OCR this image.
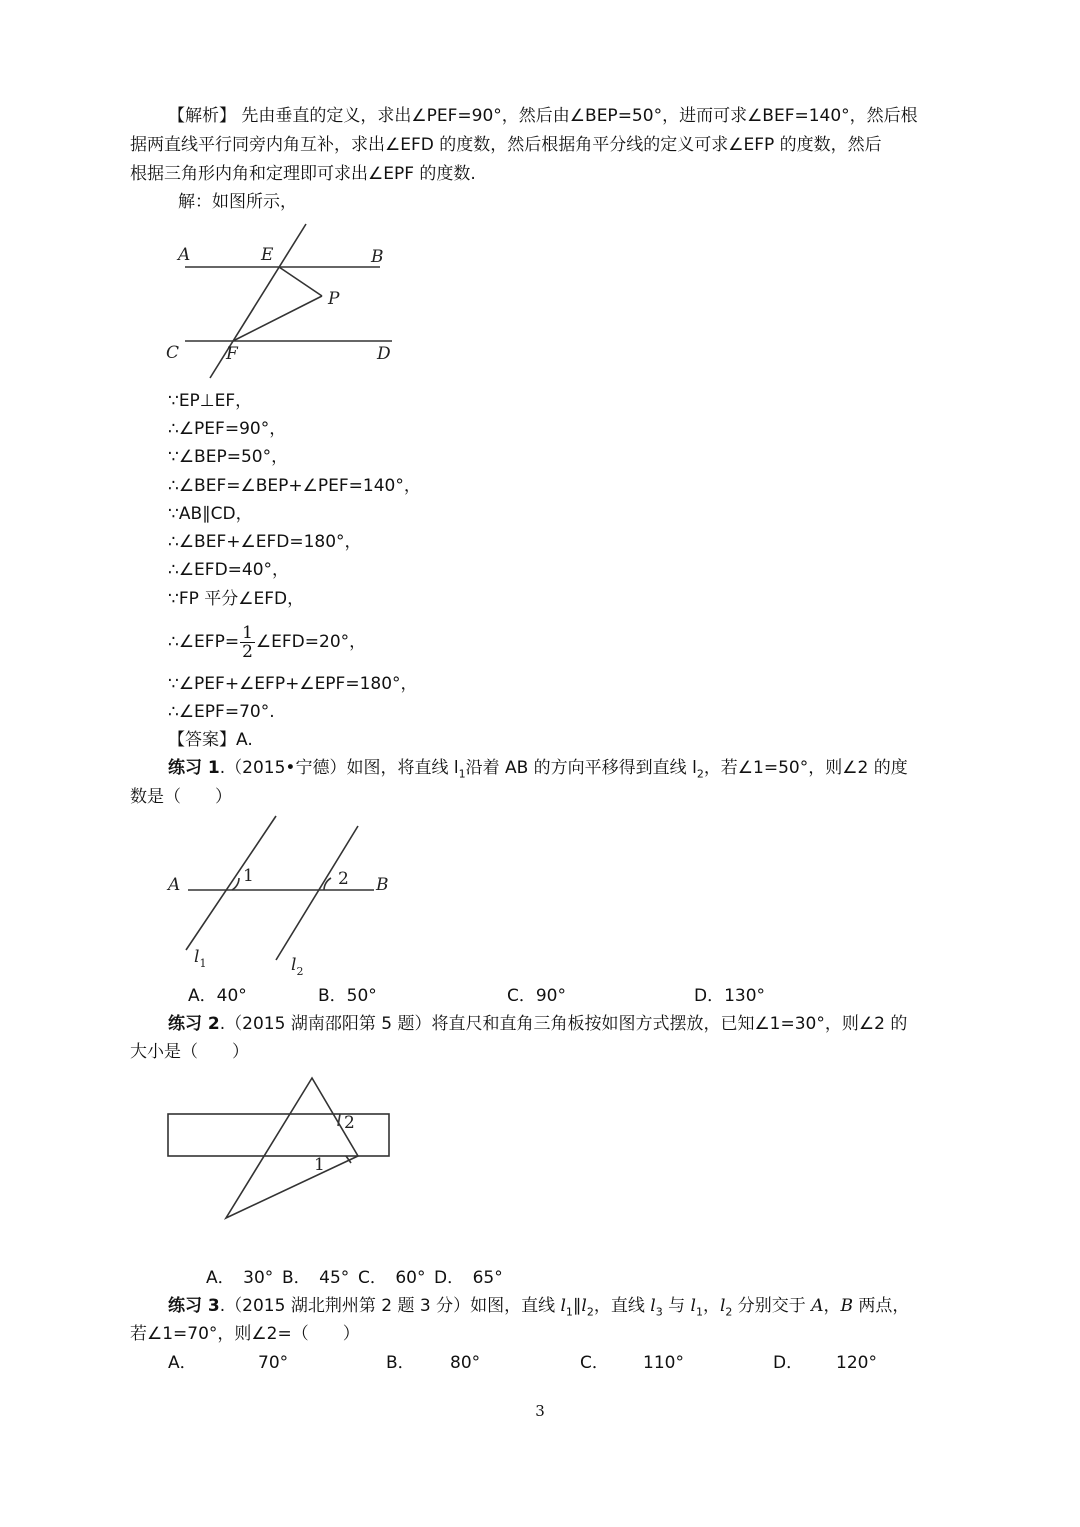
【解析】 先由垂直的定义，求出∠PEF=90°，然后由∠BEP=50°，进而可求∠BEF=140°，然后根
据两直线平行同旁内角互补，求出∠EFD 的度数，然后根据角平分线的定义可求∠EFP 的度数，然后
根据三角形内角和定理即可求出∠EPF 的度数.
解：如图所示，
A	E	B
P
C	F	D
∵EP⊥EF，
∴∠PEF=90°，
∵∠BEP=50°，
∴∠BEF=∠BEP+∠PEF=140°，
∵AB∥CD，
∴∠BEF+∠EFD=180°，
∴∠EFD=40°，
∵FP 平分∠EFD，
∴∠EFP= $\frac{1}{2}$ ∠EFD=20°，
∵∠PEF+∠EFP+∠EPF=180°，
∴∠EPF=70°.
【答案】A.
练习 1.（2015•宁德）如图，将直线 $l_1$沿着 AB 的方向平移得到直线 $l_2$，若∠1=50°，则∠2 的度
数是（　　）
A	B
1	2
$l_1$	$l_2$
A．40°	B．50°	C．90°	D．130°
练习 2.（2015 湖南邵阳第 5 题）将直尺和直角三角板按如图方式摆放，已知∠1=30°，则∠2 的
大小是（　　）
2
1
A．　30° B．　45° C．　60° D．　65°
练习 3.（2015 湖北荆州第 2 题 3 分）如图，直线 $l_1\parallel l_2$，直线 $l_3$ 与 $l_1$，$l_2$ 分别交于 A，B 两点，
若∠1=70°，则∠2=（　　）
A．	70°	B． 80°	C． 110°	D． 120°
3
